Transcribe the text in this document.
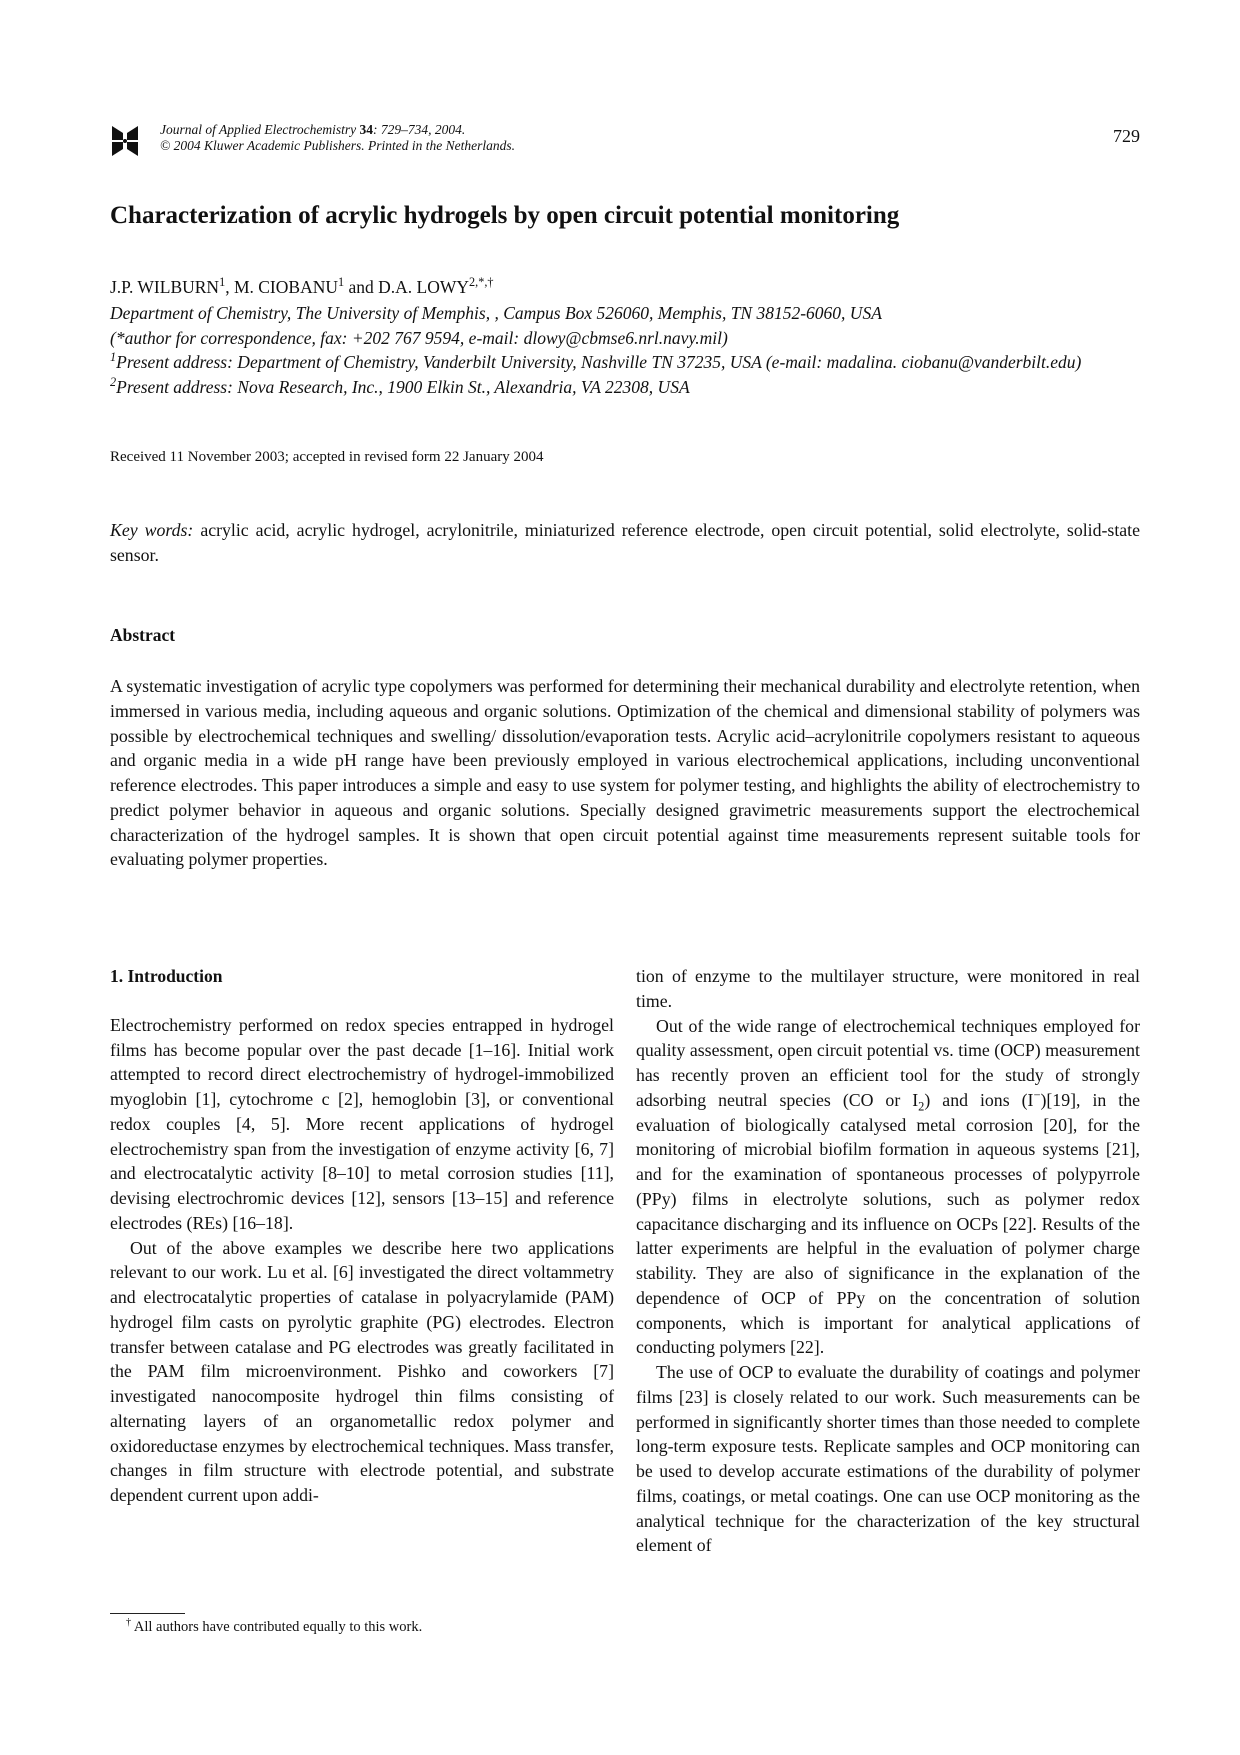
Journal of Applied Electrochemistry 34: 729–734, 2004.
© 2004 Kluwer Academic Publishers. Printed in the Netherlands.	729
Characterization of acrylic hydrogels by open circuit potential monitoring
J.P. WILBURN$^1$, M. CIOBANU$^1$ and D.A. $LOWY^{2,*,\dagger}$

Department of Chemistry, The University of Memphis, , Campus Box 526060, Memphis, TN 38152-6060, USA

(*author for correspondence, fax: +202 767 9594, e-mail: dlowy@cbmse6.nrl.navy.mil)

$^1$Present address: Department of Chemistry, Vanderbilt University, Nashville TN 37235, USA (e-mail: madalina. ciobanu@vanderbilt.edu)

$^2$Present address: Nova Research, Inc., 1900 Elkin St., Alexandria, VA 22308, USA

Received 11 November 2003; accepted in revised form 22 January 2004
Key words: acrylic acid, acrylic hydrogel, acrylonitrile, miniaturized reference electrode, open circuit potential, solid electrolyte, solid-state sensor.
Abstract
A systematic investigation of acrylic type copolymers was performed for determining their mechanical durability and electrolyte retention, when immersed in various media, including aqueous and organic solutions. Optimization of the chemical and dimensional stability of polymers was possible by electrochemical techniques and swelling/ dissolution/evaporation tests. Acrylic acid–acrylonitrile copolymers resistant to aqueous and organic media in a wide pH range have been previously employed in various electrochemical applications, including unconventional reference electrodes. This paper introduces a simple and easy to use system for polymer testing, and highlights the ability of electrochemistry to predict polymer behavior in aqueous and organic solutions. Specially designed gravimetric measurements support the electrochemical characterization of the hydrogel samples. It is shown that open circuit potential against time measurements represent suitable tools for evaluating polymer properties.

1. Introduction

Electrochemistry performed on redox species entrapped in hydrogel films has become popular over the past decade [1–16]. Initial work attempted to record direct electrochemistry of hydrogel-immobilized myoglobin [1], cytochrome c [2], hemoglobin [3], or conventional redox couples [4, 5]. More recent applications of hydrogel electrochemistry span from the investigation of enzyme activity [6, 7] and electrocatalytic activity [8–10] to metal corrosion studies [11], devising electrochromic devices [12], sensors [13–15] and reference electrodes (REs) [16–18].

Out of the above examples we describe here two applications relevant to our work. Lu et al. [6] investigated the direct voltammetry and electrocatalytic properties of catalase in polyacrylamide (PAM) hydrogel film casts on pyrolytic graphite (PG) electrodes. Electron transfer between catalase and PG electrodes was greatly facilitated in the PAM film microenvironment. Pishko and coworkers [7] investigated nanocomposite hydrogel thin films consisting of alternating layers of an organometallic redox polymer and oxidoreductase enzymes by electrochemical techniques. Mass transfer, changes in film structure with electrode potential, and substrate dependent current upon addi-

tion of enzyme to the multilayer structure, were monitored in real time.

Out of the wide range of electrochemical techniques employed for quality assessment, open circuit potential vs. time (OCP) measurement has recently proven an efficient tool for the study of strongly adsorbing neutral species (CO or $I_2$) and ions (I−)[19], in the evaluation of biologically catalysed metal corrosion [20], for the monitoring of microbial biofilm formation in aqueous systems [21], and for the examination of spontaneous processes of polypyrrole (PPy) films in electrolyte solutions, such as polymer redox capacitance discharging and its influence on OCPs [22]. Results of the latter experiments are helpful in the evaluation of polymer charge stability. They are also of significance in the explanation of the dependence of OCP of PPy on the concentration of solution components, which is important for analytical applications of conducting polymers [22].

The use of OCP to evaluate the durability of coatings and polymer films [23] is closely related to our work. Such measurements can be performed in significantly shorter times than those needed to complete long-term exposure tests. Replicate samples and OCP monitoring can be used to develop accurate estimations of the durability of polymer films, coatings, or metal coatings. One can use OCP monitoring as the analytical technique for the characterization of the key structural element of

† All authors have contributed equally to this work.
